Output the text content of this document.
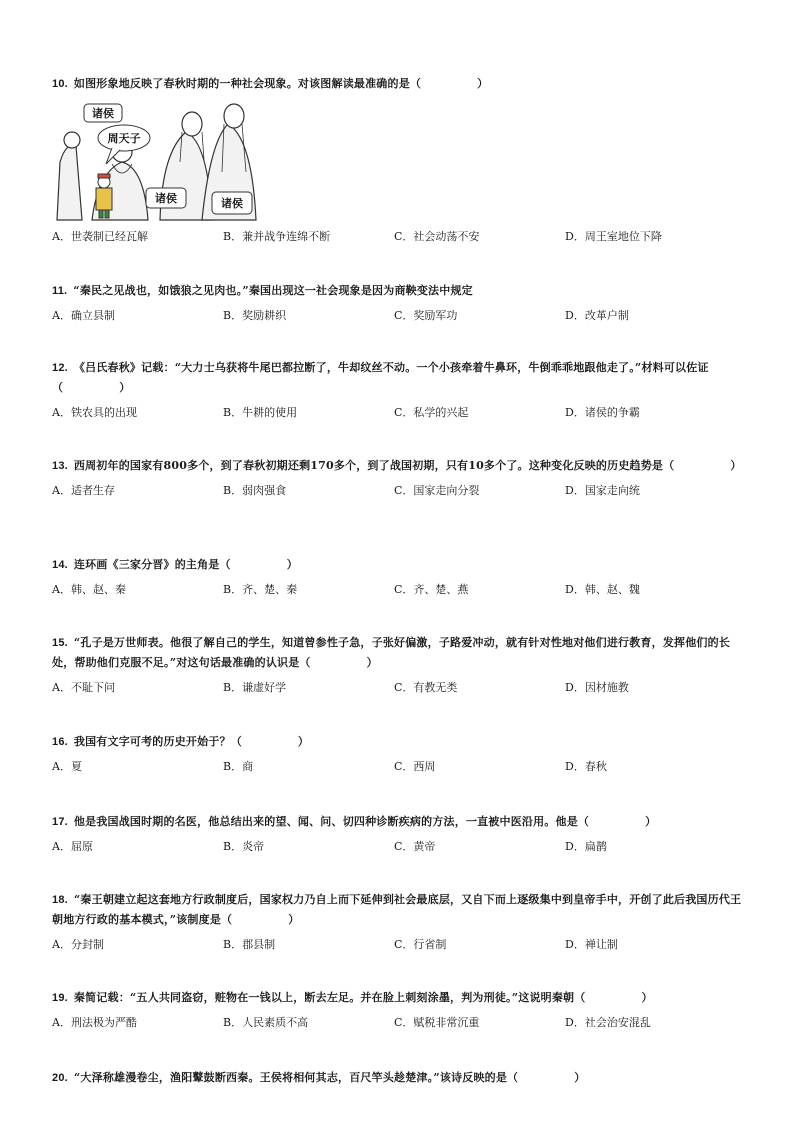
10. 如图形象地反映了春秋时期的一种社会现象。对该图解读最准确的是（　　　　　）
诸侯
周天子
诸侯	诸侯
A．世袭制已经瓦解	B．兼并战争连绵不断	C．社会动荡不安	D．周王室地位下降
11. “秦民之见战也，如饿狼之见肉也。”秦国出现这一社会现象是因为商鞅变法中规定
A．确立县制	B．奖励耕织	C．奖励军功	D．改革户制
12. 《吕氏春秋》记载：“大力士乌获将牛尾巴都拉断了，牛却纹丝不动。一个小孩牵着牛鼻环，牛倒乖乖地跟他走了。”材料可以佐证（　　　　　）
A．铁农具的出现	B．牛耕的使用	C．私学的兴起	D．诸侯的争霸
13. 西周初年的国家有800多个，到了春秋初期还剩170多个，到了战国初期，只有10多个了。这种变化反映的历史趋势是（　　　　　）
A．适者生存	B．弱肉强食	C．国家走向分裂	D．国家走向统
14. 连环画《三家分晋》的主角是（　　　　　）
A．韩、赵、秦	B．齐、楚、秦	C．齐、楚、燕	D．韩、赵、魏
15. “孔子是万世师表。他很了解自己的学生，知道曾参性子急，子张好偏激，子路爱冲动，就有针对性地对他们进行教育，发挥他们的长处，帮助他们克服不足。”对这句话最准确的认识是（　　　　　）
A．不耻下问	B．谦虚好学	C．有教无类	D．因材施教
16. 我国有文字可考的历史开始于？（　　　　　）
A．夏	B．商	C．西周	D．春秋
17. 他是我国战国时期的名医，他总结出来的望、闻、问、切四种诊断疾病的方法，一直被中医沿用。他是（　　　　　）
A．屈原	B．炎帝	C．黄帝	D．扁鹊
18. “秦王朝建立起这套地方行政制度后，国家权力乃自上而下延伸到社会最底层，又自下而上逐级集中到皇帝手中，开创了此后我国历代王朝地方行政的基本模式，”该制度是（　　　　　）
A．分封制	B．郡县制	C．行省制	D．禅让制
19. 秦简记载：“五人共同盗窃，赃物在一钱以上，断去左足。并在脸上刺刻涂墨，判为刑徒。”这说明秦朝（　　　　　）
A．刑法极为严酷	B．人民素质不高	C．赋税非常沉重	D．社会治安混乱
20. “大泽称雄漫卷尘，渔阳鼙鼓断西秦。王侯将相何其志，百尺竿头趁楚津。”该诗反映的是（　　　　　）
